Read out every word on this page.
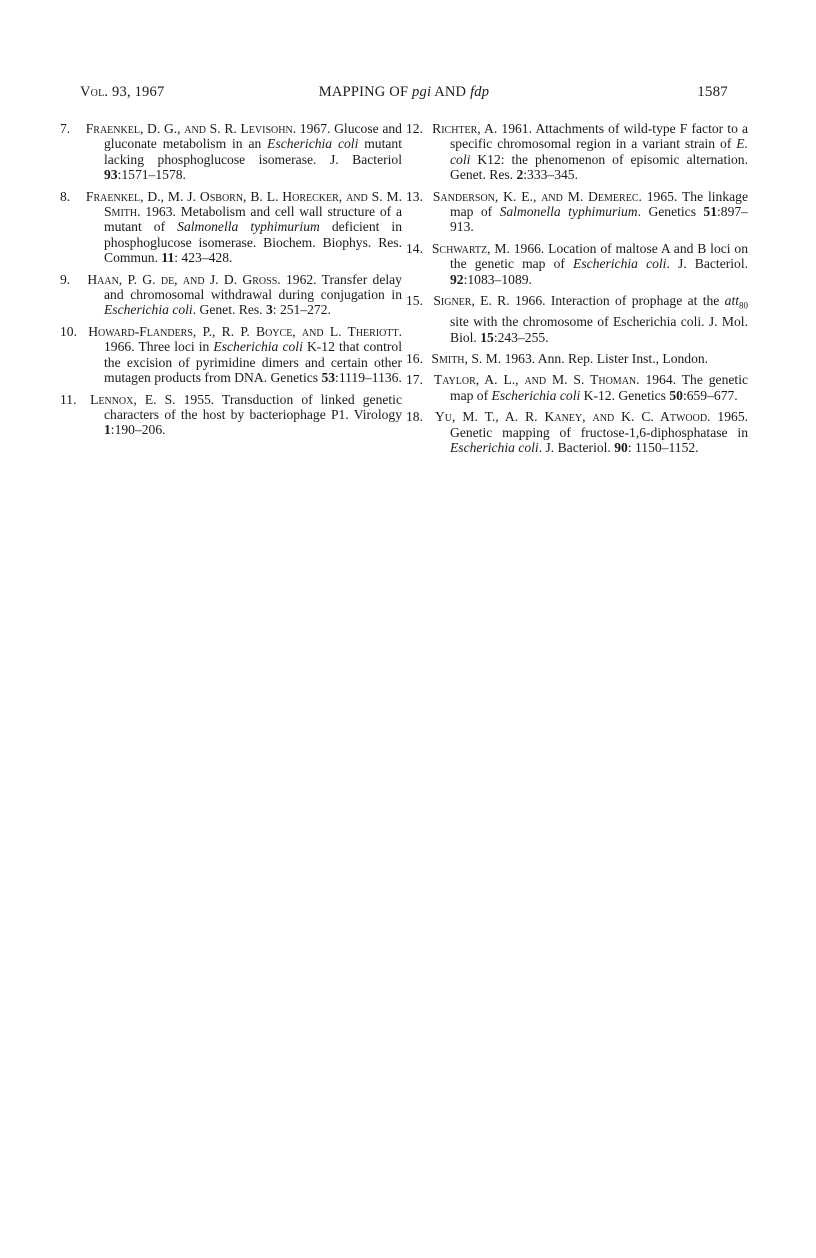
Vol. 93, 1967	MAPPING OF pgi AND fdp	1587

7. Fraenkel, D. G., and S. R. Levisohn. 1967. Glucose and gluconate metabolism in an Escherichia coli mutant lacking phosphoglucose isomerase. J. Bacteriol 93:1571–1578.

8. Fraenkel, D., M. J. Osborn, B. L. Horecker, and S. M. Smith. 1963. Metabolism and cell wall structure of a mutant of Salmonella typhimurium deficient in phosphoglucose isomerase. Biochem. Biophys. Res. Commun. 11: 423–428.

9. Haan, P. G. de, and J. D. Gross. 1962. Transfer delay and chromosomal withdrawal during conjugation in Escherichia coli. Genet. Res. 3: 251–272.

10. Howard-Flanders, P., R. P. Boyce, and L. Theriott. 1966. Three loci in Escherichia coli K-12 that control the excision of pyrimidine dimers and certain other mutagen products from DNA. Genetics 53:1119–1136.

11. Lennox, E. S. 1955. Transduction of linked genetic characters of the host by bacteriophage P1. Virology 1:190–206.

12. Richter, A. 1961. Attachments of wild-type F factor to a specific chromosomal region in a variant strain of E. coli K12: the phenomenon of episomic alternation. Genet. Res. 2:333–345.

13. Sanderson, K. E., and M. Demerec. 1965. The linkage map of Salmonella typhimurium. Genetics 51:897–913.

14. Schwartz, M. 1966. Location of maltose A and B loci on the genetic map of Escherichia coli. J. Bacteriol. 92:1083–1089.

15. Signer, E. R. 1966. Interaction of prophage at the att$_{80}$ site with the chromosome of Escherichia coli. J. Mol. Biol. 15:243–255.

16. Smith, S. M. 1963. Ann. Rep. Lister Inst., London.

17. Taylor, A. L., and M. S. Thoman. 1964. The genetic map of Escherichia coli K-12. Genetics 50:659–677.

18. Yu, M. T., A. R. Kaney, and K. C. Atwood. 1965. Genetic mapping of fructose-1,6-diphosphatase in Escherichia coli. J. Bacteriol. 90: 1150–1152.
